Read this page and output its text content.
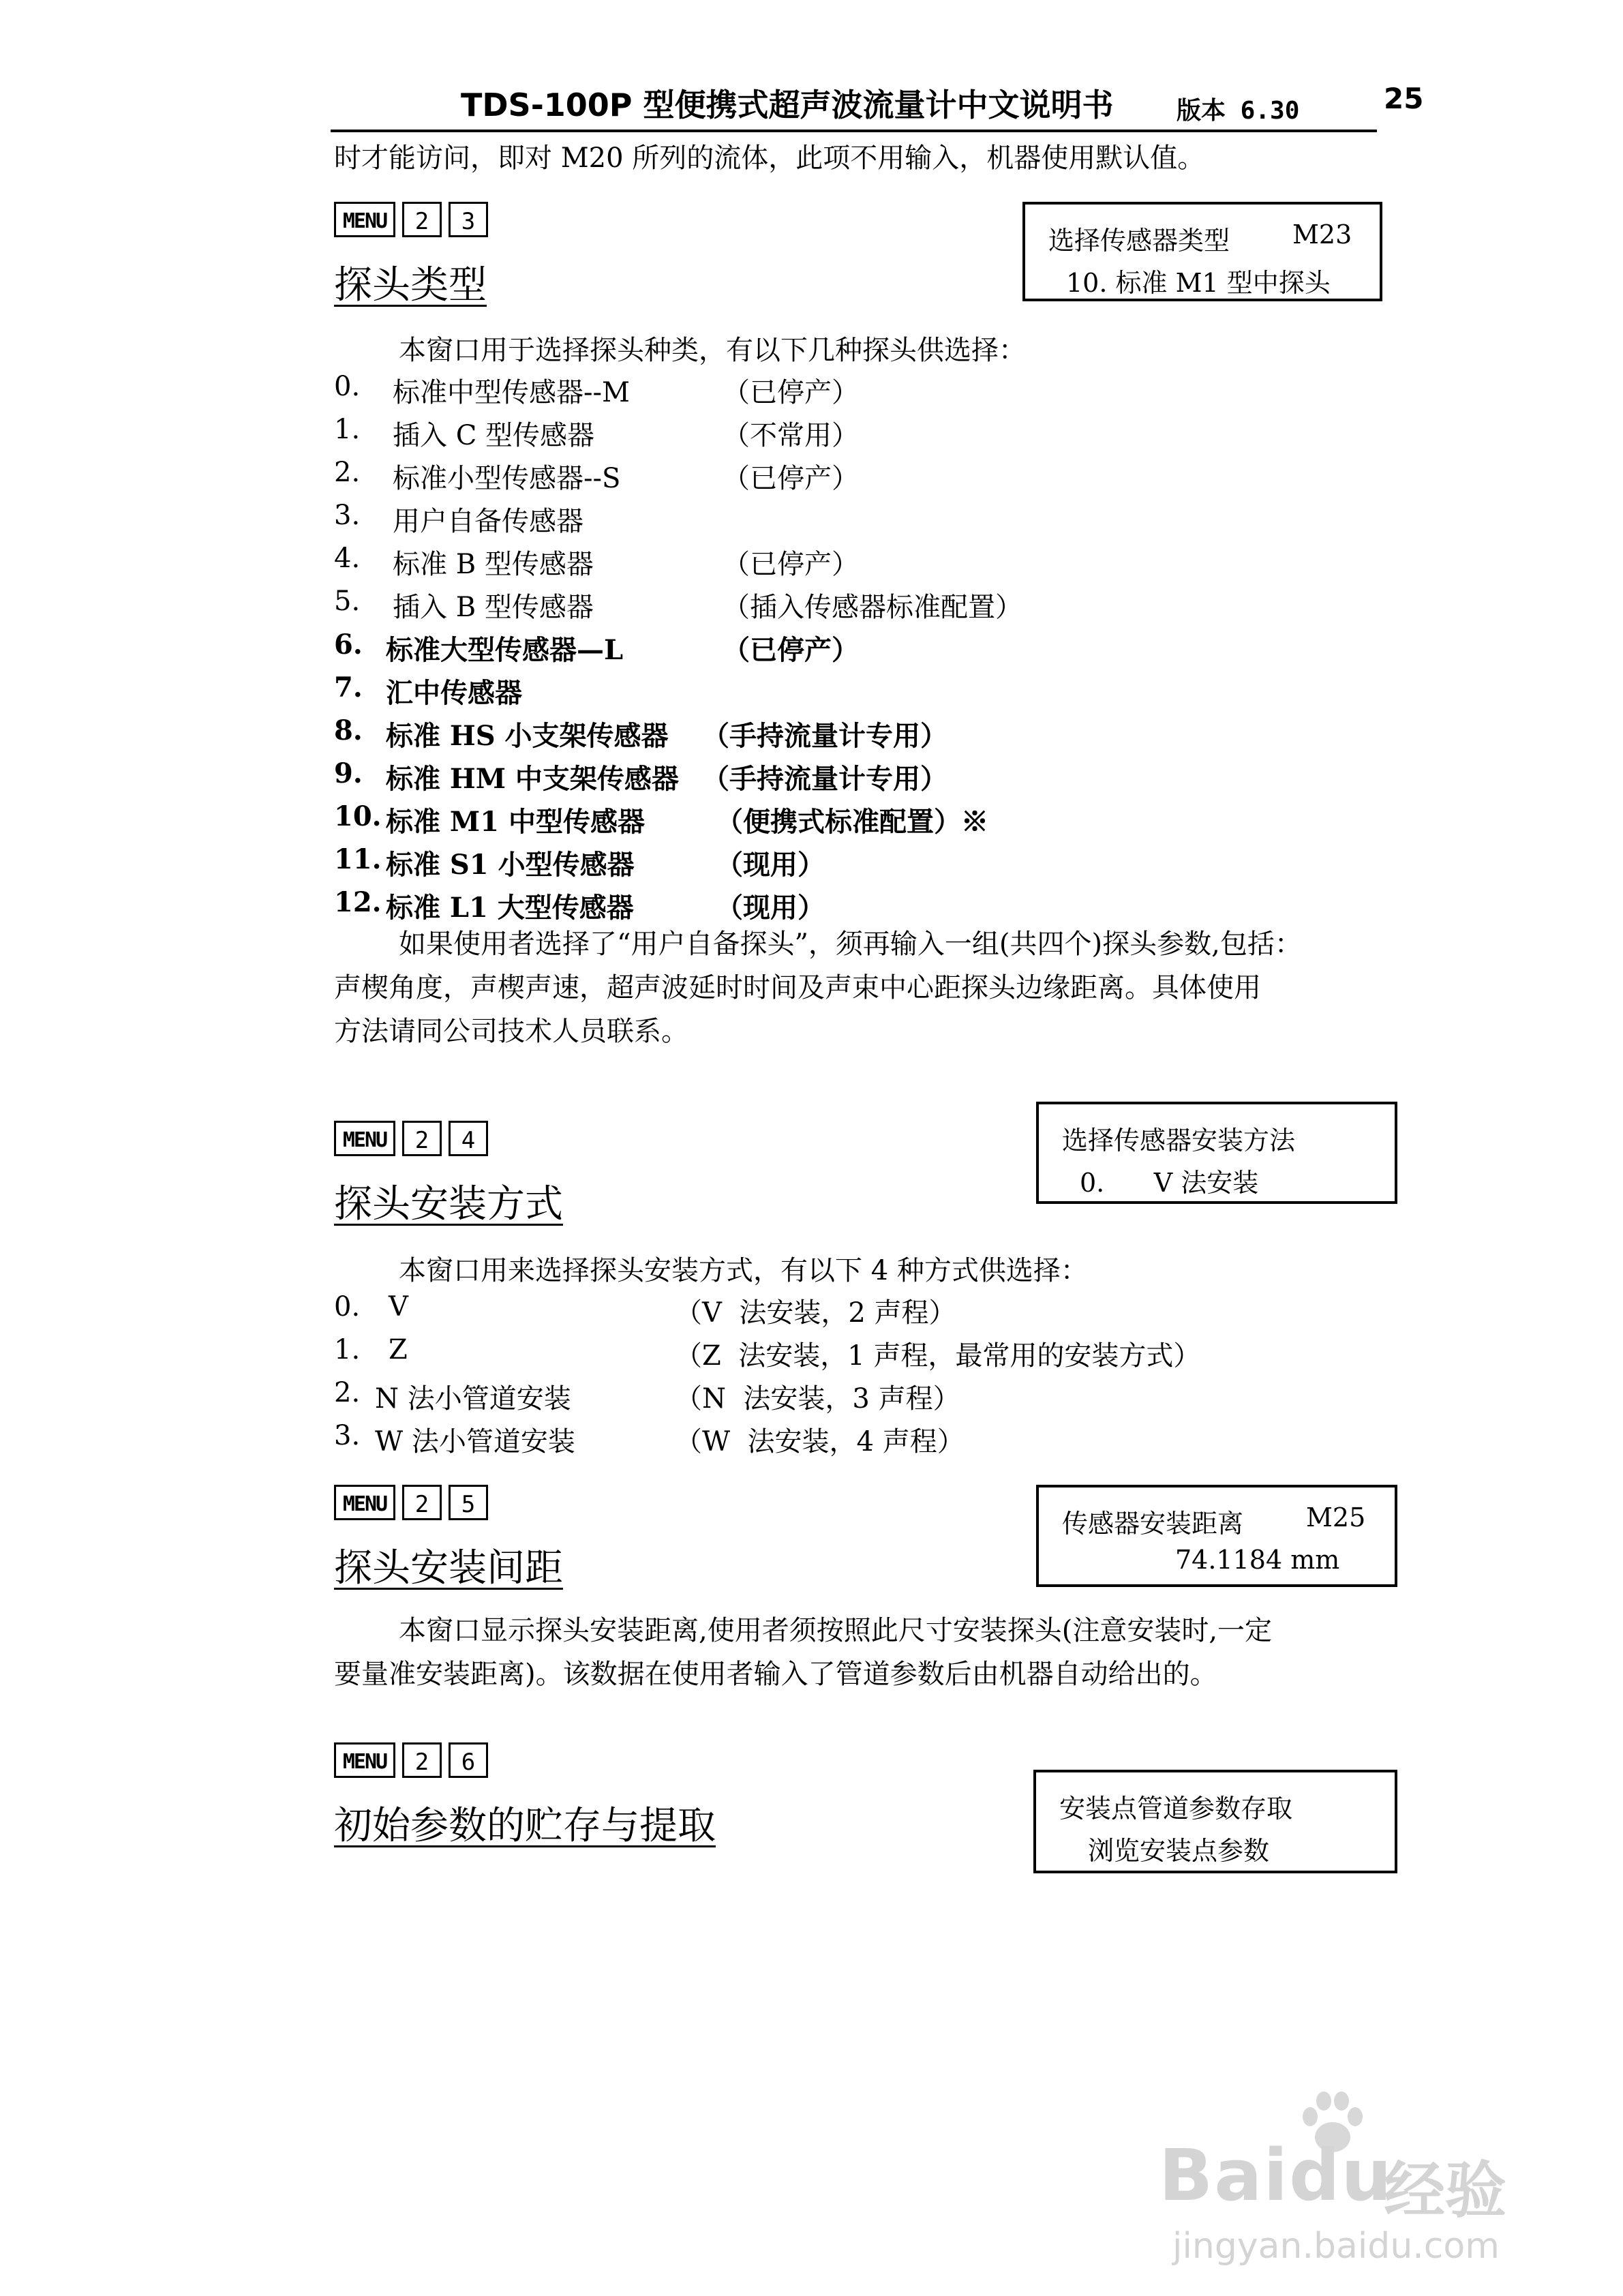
TDS-100P 型便携式超声波流量计中文说明书	版本 6.30	25
时才能访问，即对 M20 所列的流体，此项不用输入，机器使用默认值。
MENU	2	3
探头类型
选择传感器类型 M23
10. 标准 M1 型中探头
本窗口用于选择探头种类，有以下几种探头供选择：
0. 标准中型传感器--M	（已停产）
1. 插入 C 型传感器	（不常用）
2. 标准小型传感器--S	（已停产）
3. 用户自备传感器
4. 标准 B 型传感器	（已停产）
5. 插入 B 型传感器	（插入传感器标准配置）
6. 标准大型传感器—L	（已停产）
7. 汇中传感器
8. 标准 HS 小支架传感器 （手持流量计专用）
9. 标准 HM 中支架传感器 （手持流量计专用）
10. 标准 M1 中型传感器	（便携式标准配置）※
11. 标准 S1 小型传感器	（现用）
12. 标准 L1 大型传感器	（现用）
如果使用者选择了“用户自备探头”，须再输入一组(共四个)探头参数,包括：
声楔角度，声楔声速，超声波延时时间及声束中心距探头边缘距离。具体使用
方法请同公司技术人员联系。
MENU	2	4
探头安装方式
选择传感器安装方法
0.      V 法安装
本窗口用来选择探头安装方式，有以下 4 种方式供选择：
0. V	（V  法安装，2 声程）
1. Z	（Z  法安装，1 声程，最常用的安装方式）
2. N 法小管道安装	（N  法安装，3 声程）
3. W 法小管道安装	（W  法安装，4 声程）
MENU	2	5
探头安装间距
传感器安装距离 M25
74.1184 mm
本窗口显示探头安装距离,使用者须按照此尺寸安装探头(注意安装时,一定
要量准安装距离)。该数据在使用者输入了管道参数后由机器自动给出的。
MENU	2	6
初始参数的贮存与提取	安装点管道参数存取
浏览安装点参数
Baidu
经验
jingyan.baidu.com
